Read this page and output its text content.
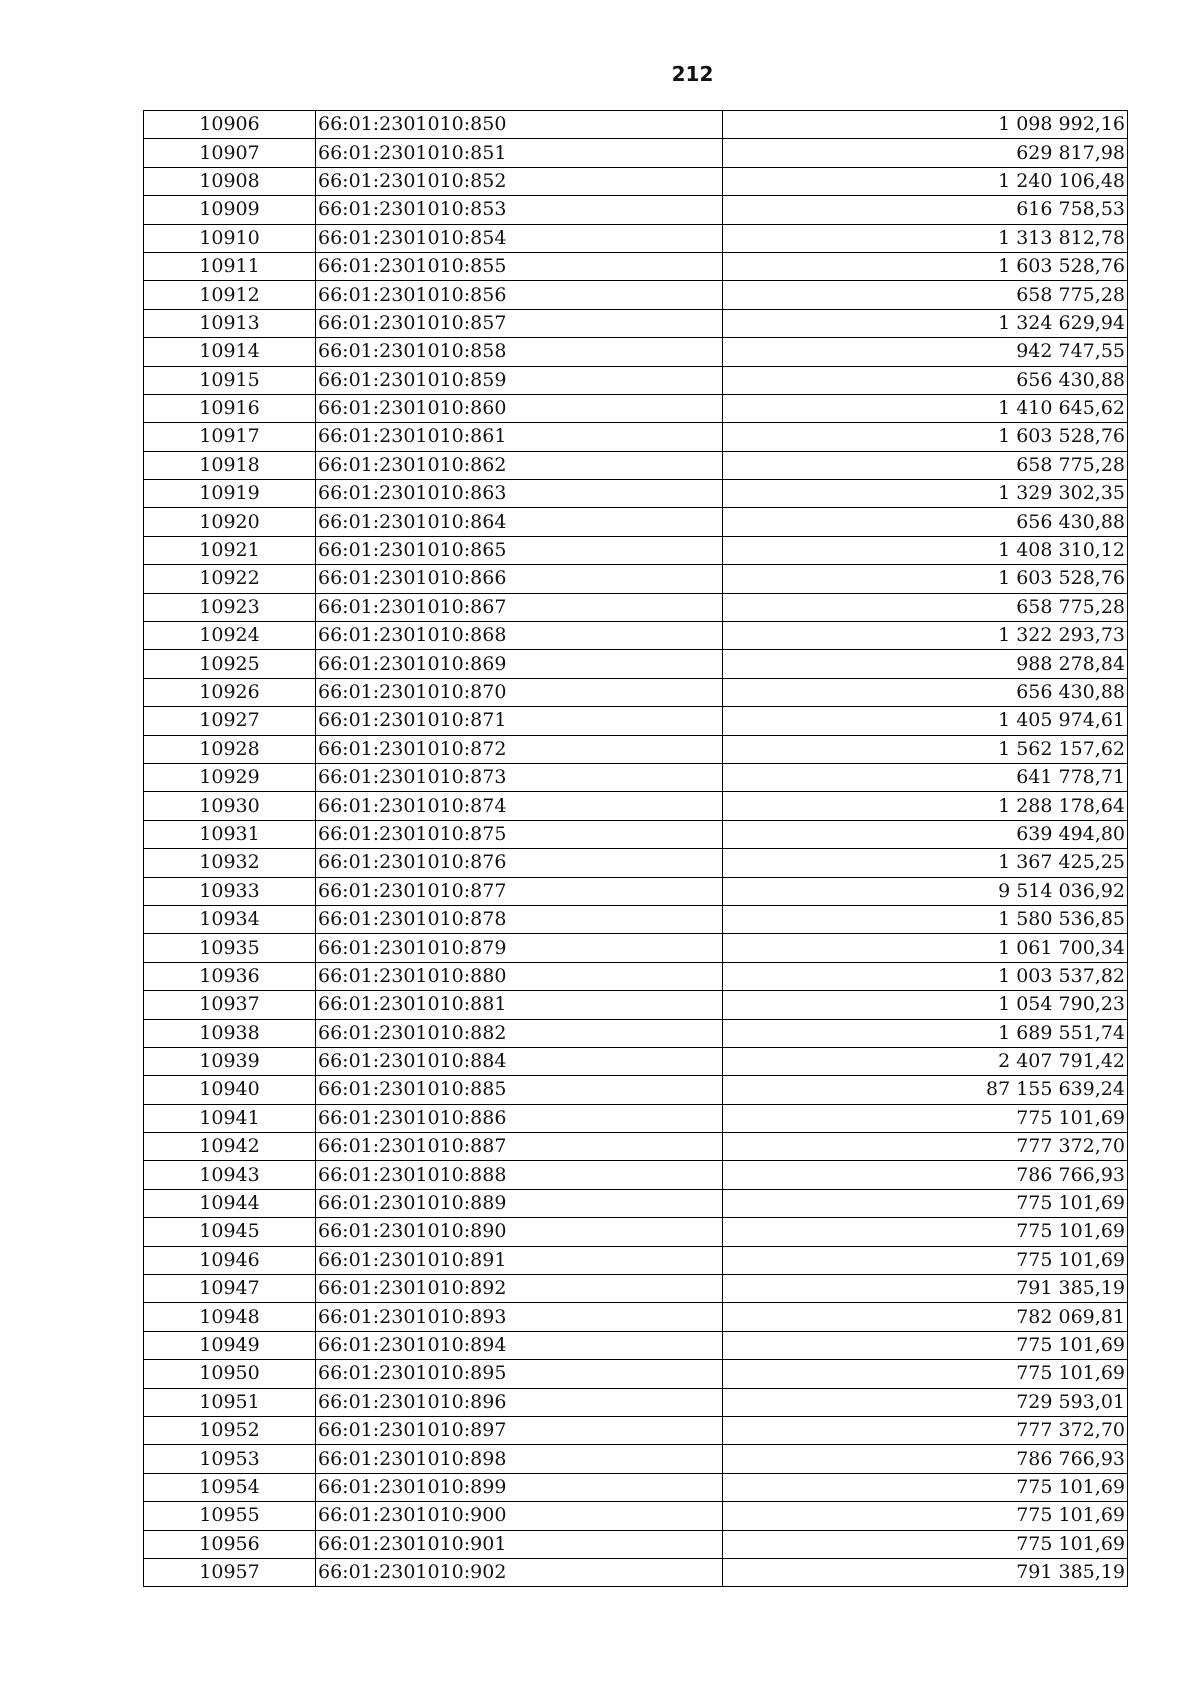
212
10906	66:01:2301010:850	1 098 992,16
10907	66:01:2301010:851	629 817,98
10908	66:01:2301010:852	1 240 106,48
10909	66:01:2301010:853	616 758,53
10910	66:01:2301010:854	1 313 812,78
10911	66:01:2301010:855	1 603 528,76
10912	66:01:2301010:856	658 775,28
10913	66:01:2301010:857	1 324 629,94
10914	66:01:2301010:858	942 747,55
10915	66:01:2301010:859	656 430,88
10916	66:01:2301010:860	1 410 645,62
10917	66:01:2301010:861	1 603 528,76
10918	66:01:2301010:862	658 775,28
10919	66:01:2301010:863	1 329 302,35
10920	66:01:2301010:864	656 430,88
10921	66:01:2301010:865	1 408 310,12
10922	66:01:2301010:866	1 603 528,76
10923	66:01:2301010:867	658 775,28
10924	66:01:2301010:868	1 322 293,73
10925	66:01:2301010:869	988 278,84
10926	66:01:2301010:870	656 430,88
10927	66:01:2301010:871	1 405 974,61
10928	66:01:2301010:872	1 562 157,62
10929	66:01:2301010:873	641 778,71
10930	66:01:2301010:874	1 288 178,64
10931	66:01:2301010:875	639 494,80
10932	66:01:2301010:876	1 367 425,25
10933	66:01:2301010:877	9 514 036,92
10934	66:01:2301010:878	1 580 536,85
10935	66:01:2301010:879	1 061 700,34
10936	66:01:2301010:880	1 003 537,82
10937	66:01:2301010:881	1 054 790,23
10938	66:01:2301010:882	1 689 551,74
10939	66:01:2301010:884	2 407 791,42
10940	66:01:2301010:885	87 155 639,24
10941	66:01:2301010:886	775 101,69
10942	66:01:2301010:887	777 372,70
10943	66:01:2301010:888	786 766,93
10944	66:01:2301010:889	775 101,69
10945	66:01:2301010:890	775 101,69
10946	66:01:2301010:891	775 101,69
10947	66:01:2301010:892	791 385,19
10948	66:01:2301010:893	782 069,81
10949	66:01:2301010:894	775 101,69
10950	66:01:2301010:895	775 101,69
10951	66:01:2301010:896	729 593,01
10952	66:01:2301010:897	777 372,70
10953	66:01:2301010:898	786 766,93
10954	66:01:2301010:899	775 101,69
10955	66:01:2301010:900	775 101,69
10956	66:01:2301010:901	775 101,69
10957	66:01:2301010:902	791 385,19
